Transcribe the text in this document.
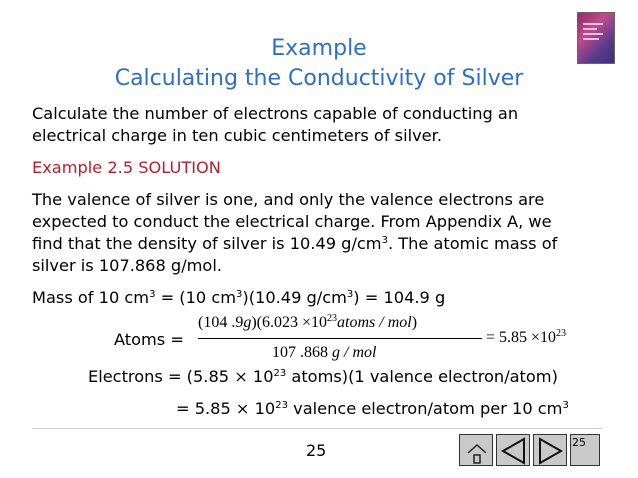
Example
Calculating the Conductivity of Silver
Calculate the number of electrons capable of conducting an
electrical charge in ten cubic centimeters of silver.
Example 2.5 SOLUTION
The valence of silver is one, and only the valence electrons are
expected to conduct the electrical charge. From Appendix A, we
find that the density of silver is 10.49 $g/cm^3$. The atomic mass of
silver is 107.868 g/mol.
Mass of 10 $cm^3 = (10$ $cm^3)(10.49$ $g/cm^3) = 104.9$ g
Atoms =
(104 $.9g)(6.023 \times 10^{23}atoms / mol)$
107 .868 g / mol
= $5.85 \times 10^{23}$
Electrons = ($5.85 \times 10^{23}$ atoms)(1 valence electron/atom)
= $5.85 \times 10^{23}$ valence electron/atom per 10 $cm^3$
25	25
